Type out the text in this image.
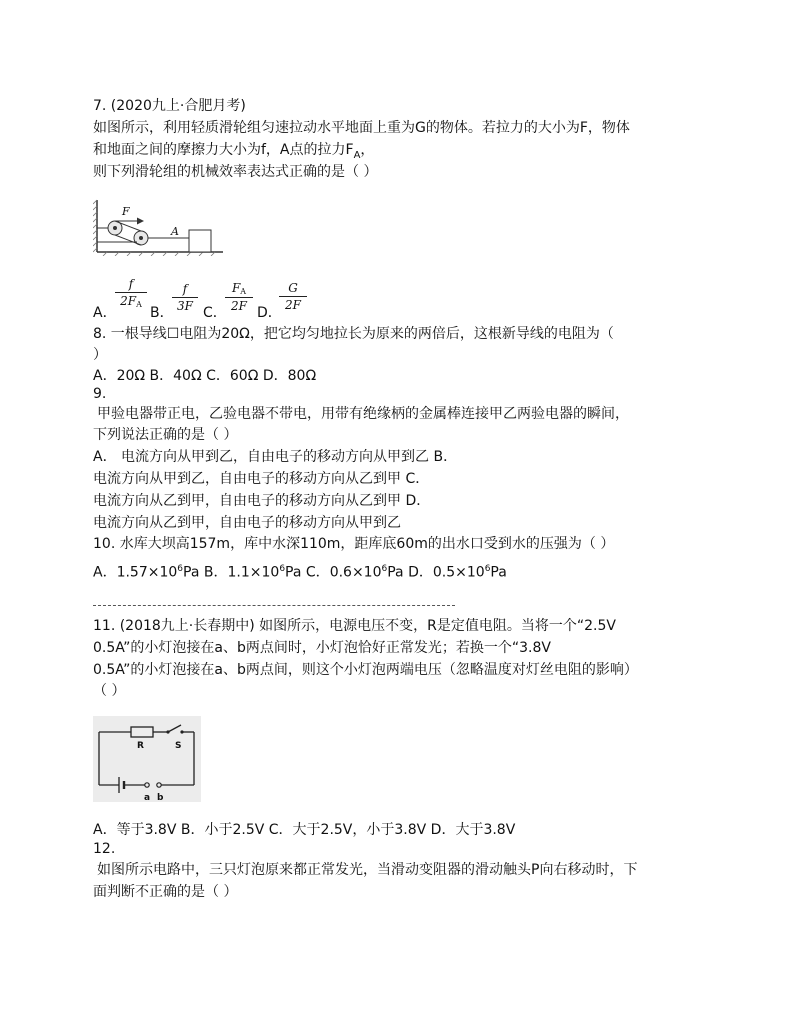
7. (2020九上·合肥月考)
如图所示，利用轻质滑轮组匀速拉动水平地面上重为G的物体。若拉力的大小为F，物体
和地面之间的摩擦力大小为f，A点的拉力$F_A$，
则下列滑轮组的机械效率表达式正确的是（ ）
F
A
A．
f
$2F_A$
B．
f
3F C．
$F_A$
2F D．
G
2F
8. 一根导线☐电阻为20Ω，把它均匀地拉长为原来的两倍后，这根新导线的电阻为（
）
A．20Ω B．40Ω C．60Ω D．80Ω
9.
甲验电器带正电，乙验电器不带电，用带有绝缘柄的金属棒连接甲乙两验电器的瞬间，
下列说法正确的是（ ）
A． 电流方向从甲到乙，自由电子的移动方向从甲到乙 B．
电流方向从甲到乙，自由电子的移动方向从乙到甲 C．
电流方向从乙到甲，自由电子的移动方向从乙到甲 D．
电流方向从乙到甲，自由电子的移动方向从甲到乙
10. 水库大坝高157m，库中水深110m，距库底60m的出水口受到水的压强为（ ）
A．$1.57\times 10^6Pa$ B．$1.1\times 10^6Pa$ C．$0.6\times 10^6Pa$ D．$0.5\times 10^6Pa$
11. (2018九上·长春期中) 如图所示，电源电压不变，R是定值电阻。当将一个“2.5V
0.5A”的小灯泡接在a、b两点间时，小灯泡恰好正常发光；若换一个“3.8V
0.5A”的小灯泡接在a、b两点间，则这个小灯泡两端电压（忽略温度对灯丝电阻的影响）
（ ）
R	S
a b
A．等于3.8V B．小于2.5V C．大于2.5V，小于3.8V D．大于3.8V
12.
如图所示电路中，三只灯泡原来都正常发光，当滑动变阻器的滑动触头P向右移动时，下
面判断不正确的是（ ）
